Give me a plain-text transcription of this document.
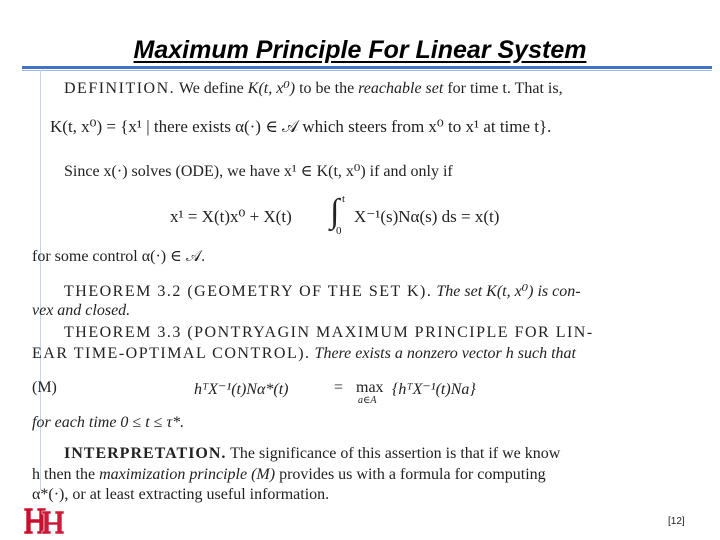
Maximum Principle For Linear System
DEFINITION. We define K(t, x⁰) to be the reachable set for time t. That is,
K(t, x⁰) = {x¹ | there exists α(·) ∈ 𝒜 which steers from x⁰ to x¹ at time t}.
Since x(·) solves (ODE), we have x¹ ∈ K(t, x⁰) if and only if
x¹ = X(t)x⁰ + X(t) ∫ t
0
X⁻¹(s)Nα(s) ds = x(t)
for some control α(·) ∈ 𝒜.
THEOREM 3.2 (GEOMETRY OF THE SET K). The set K(t, x⁰) is con-
vex and closed.
THEOREM 3.3 (PONTRYAGIN MAXIMUM PRINCIPLE FOR LIN-
EAR TIME-OPTIMAL CONTROL). There exists a nonzero vector h such that
(M)	hᵀX⁻¹(t)Nα*(t)	= max
a∈A
{hᵀX⁻¹(t)Na}
for each time 0 ≤ t ≤ τ*.
INTERPRETATION. The significance of this assertion is that if we know
h then the maximization principle (M) provides us with a formula for computing
α*(·), or at least extracting useful information.
[12]
